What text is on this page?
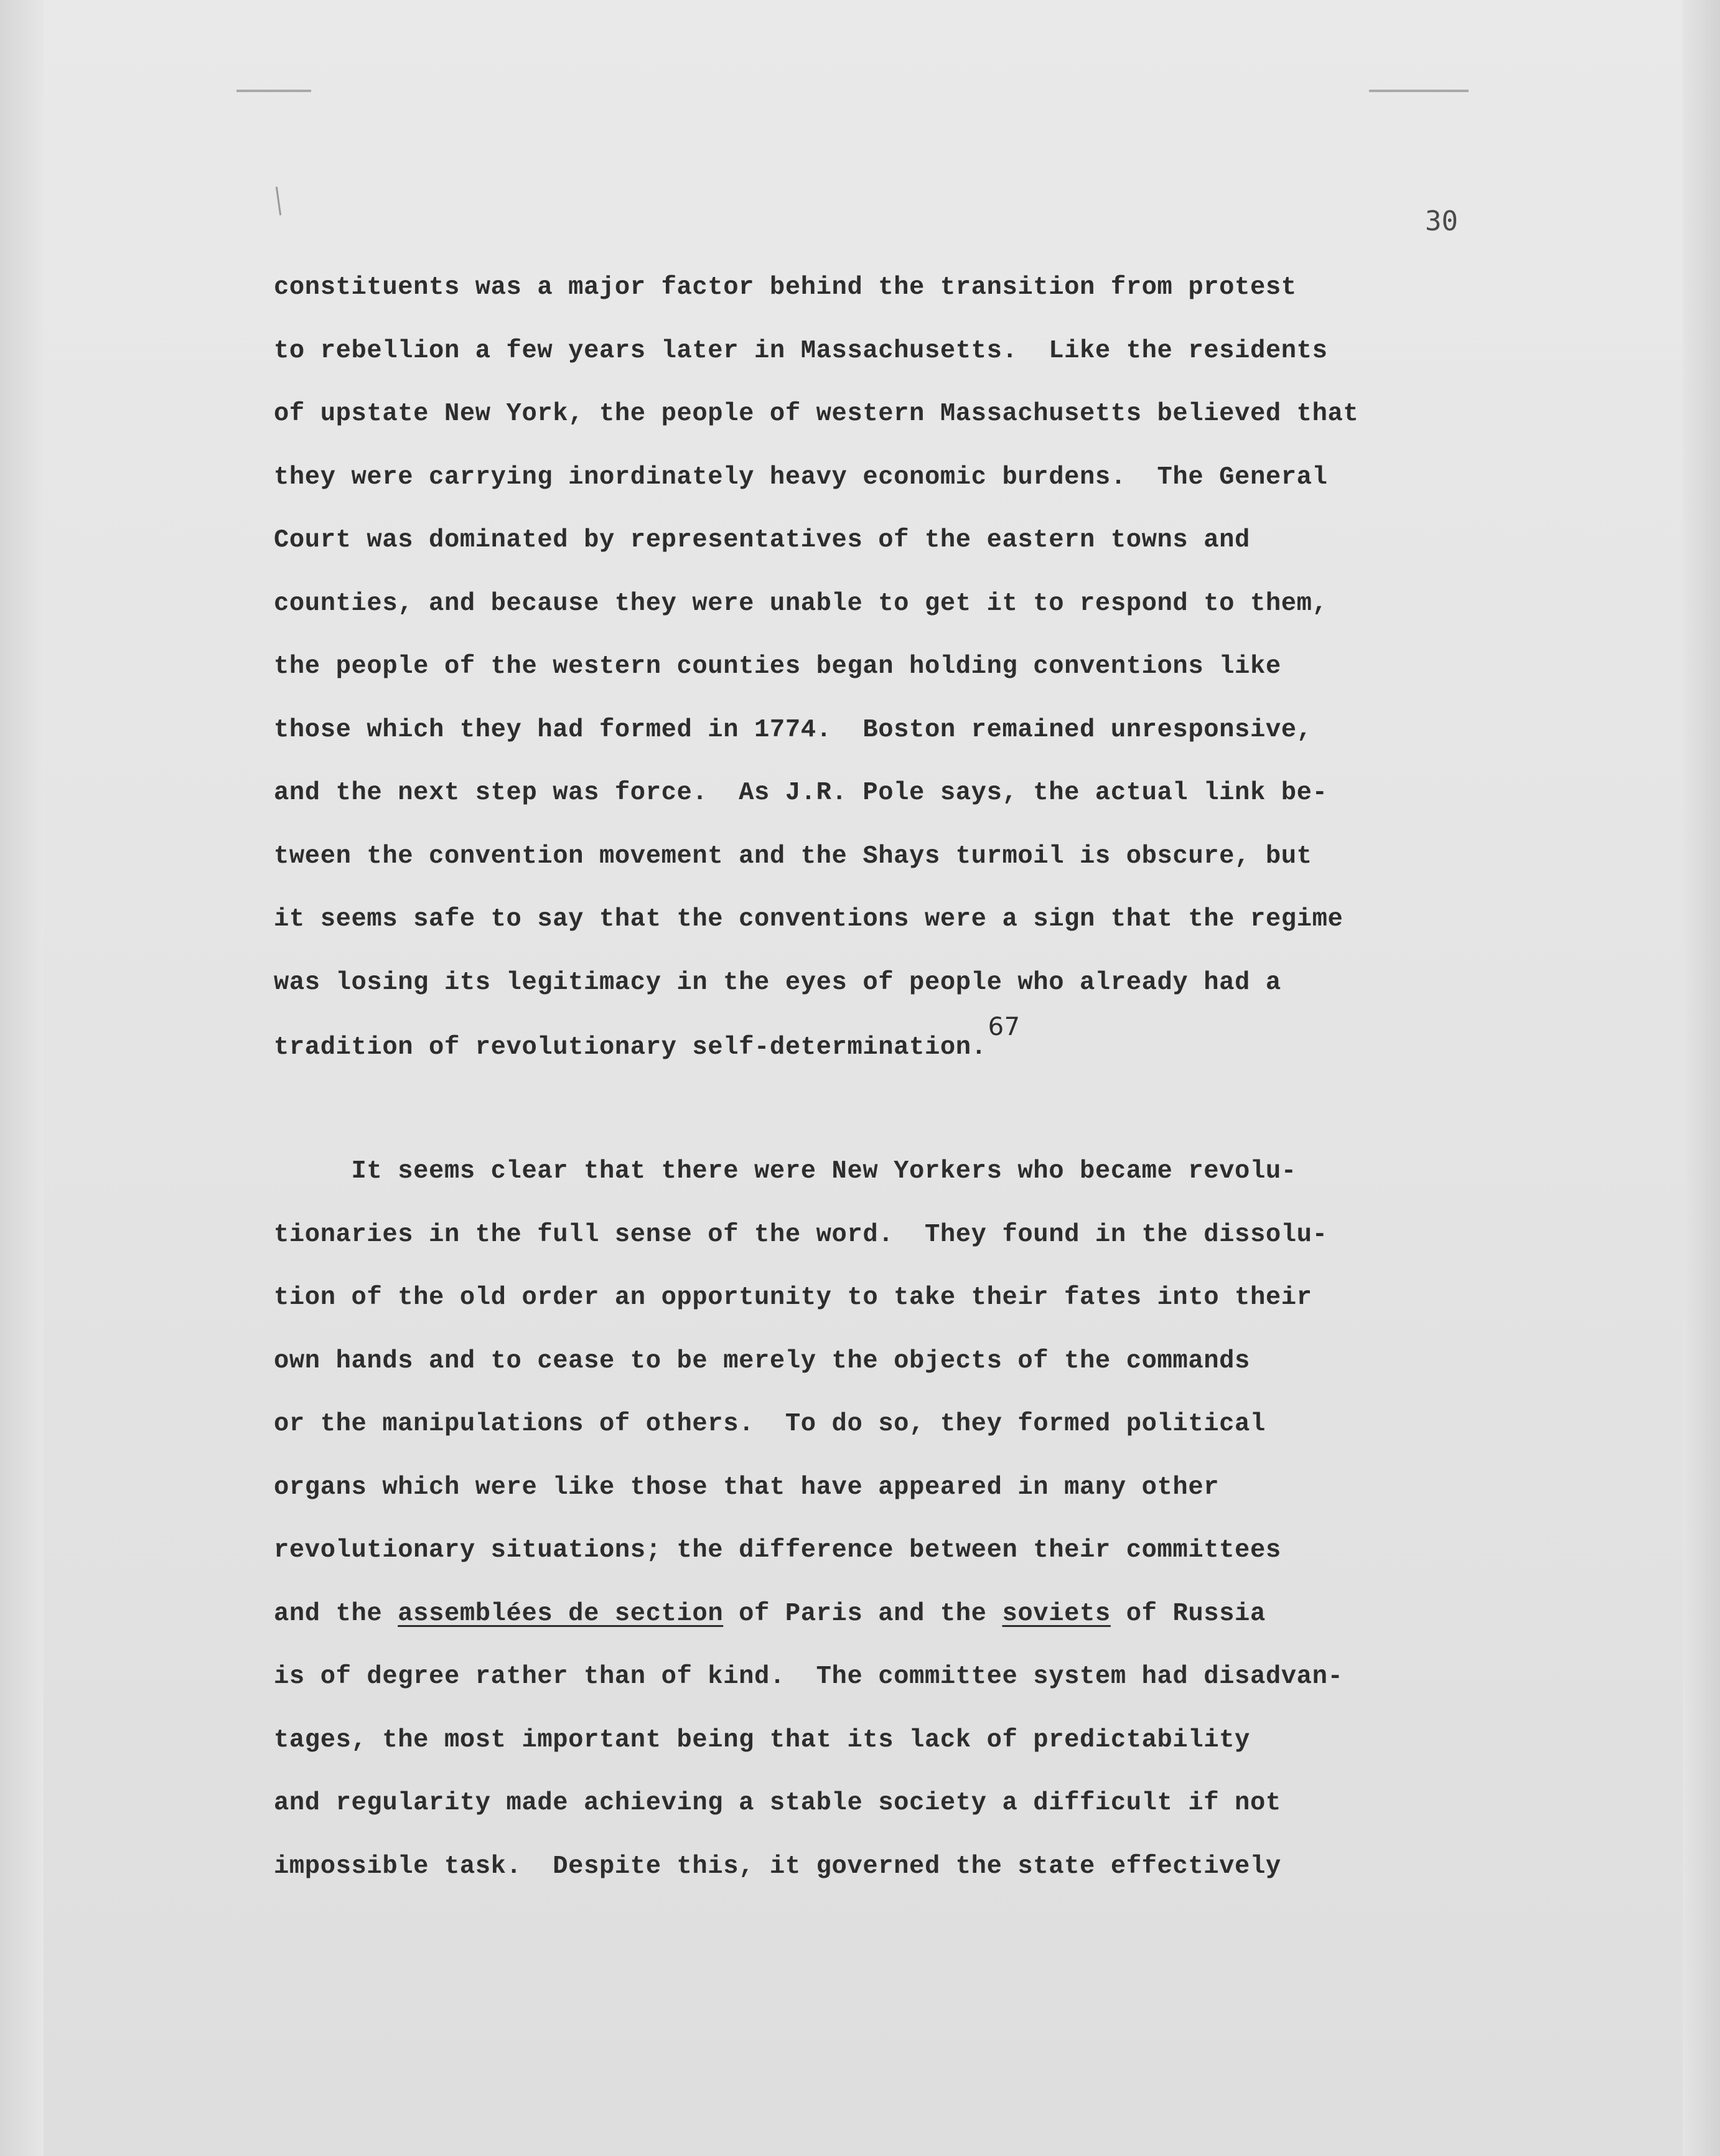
30
constituents was a major factor behind the transition from protest
to rebellion a few years later in Massachusetts.  Like the residents
of upstate New York, the people of western Massachusetts believed that
they were carrying inordinately heavy economic burdens.  The General
Court was dominated by representatives of the eastern towns and
counties, and because they were unable to get it to respond to them,
the people of the western counties began holding conventions like
those which they had formed in 1774.  Boston remained unresponsive,
and the next step was force.  As J.R. Pole says, the actual link be-
tween the convention movement and the Shays turmoil is obscure, but
it seems safe to say that the conventions were a sign that the regime
was losing its legitimacy in the eyes of people who already had a
tradition of revolutionary self-determination.67
It seems clear that there were New Yorkers who became revolu-
tionaries in the full sense of the word.  They found in the dissolu-
tion of the old order an opportunity to take their fates into their
own hands and to cease to be merely the objects of the commands
or the manipulations of others.  To do so, they formed political
organs which were like those that have appeared in many other
revolutionary situations; the difference between their committees
and the assemblées de section of Paris and the soviets of Russia
is of degree rather than of kind.  The committee system had disadvan-
tages, the most important being that its lack of predictability
and regularity made achieving a stable society a difficult if not
impossible task.  Despite this, it governed the state effectively
